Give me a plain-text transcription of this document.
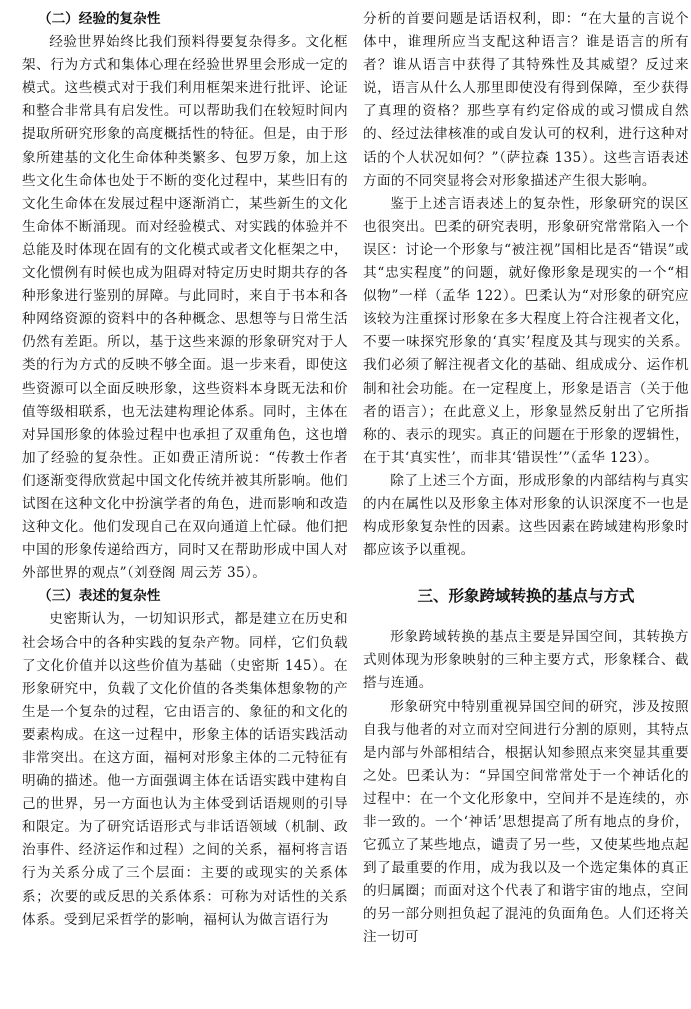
（二）经验的复杂性

经验世界始终比我们预料得要复杂得多。文化框架、行为方式和集体心理在经验世界里会形成一定的模式。这些模式对于我们利用框架来进行批评、论证和整合非常具有启发性。可以帮助我们在较短时间内提取所研究形象的高度概括性的特征。但是，由于形象所建基的文化生命体种类繁多、包罗万象，加上这些文化生命体也处于不断的变化过程中，某些旧有的文化生命体在发展过程中逐渐消亡，某些新生的文化生命体不断涌现。而对经验模式、对实践的体验并不总能及时体现在固有的文化模式或者文化框架之中，文化惯例有时候也成为阻碍对特定历史时期共存的各种形象进行鉴别的屏障。与此同时，来自于书本和各种网络资源的资料中的各种概念、思想等与日常生活仍然有差距。所以，基于这些来源的形象研究对于人类的行为方式的反映不够全面。退一步来看，即使这些资源可以全面反映形象，这些资料本身既无法和价值等级相联系，也无法建构理论体系。同时，主体在对异国形象的体验过程中也承担了双重角色，这也增加了经验的复杂性。正如费正清所说：“传教士作者们逐渐变得欣赏起中国文化传统并被其所影响。他们试图在这种文化中扮演学者的角色，进而影响和改造这种文化。他们发现自己在双向通道上忙碌。他们把中国的形象传递给西方，同时又在帮助形成中国人对外部世界的观点”（刘登阁 周云芳 35）。

（三）表述的复杂性

史密斯认为，一切知识形式，都是建立在历史和社会场合中的各种实践的复杂产物。同样，它们负载了文化价值并以这些价值为基础（史密斯 145）。在形象研究中，负载了文化价值的各类集体想象物的产生是一个复杂的过程，它由语言的、象征的和文化的要素构成。在这一过程中，形象主体的话语实践活动非常突出。在这方面，福柯对形象主体的二元特征有明确的描述。他一方面强调主体在话语实践中建构自己的世界，另一方面也认为主体受到话语规则的引导和限定。为了研究话语形式与非话语领域（机制、政治事件、经济运作和过程）之间的关系，福柯将言语行为关系分成了三个层面：主要的或现实的关系体系；次要的或反思的关系体系：可称为对话性的关系体系。受到尼采哲学的影响，福柯认为做言语行为

分析的首要问题是话语权利，即：“在大量的言说个体中，谁理所应当支配这种语言？谁是语言的所有者？谁从语言中获得了其特殊性及其威望？反过来说，语言从什么人那里即使没有得到保障，至少获得了真理的资格？那些享有约定俗成的或习惯成自然的、经过法律核准的或自发认可的权利，进行这种对话的个人状况如何？”（萨拉森 135）。这些言语表述方面的不同突显将会对形象描述产生很大影响。

鉴于上述言语表述上的复杂性，形象研究的误区也很突出。巴柔的研究表明，形象研究常常陷入一个误区：讨论一个形象与“被注视”国相比是否“错误”或其“忠实程度”的问题，就好像形象是现实的一个“相似物”一样（孟华 122）。巴柔认为“对形象的研究应该较为注重探讨形象在多大程度上符合注视者文化，不要一味探究形象的‘真实’程度及其与现实的关系。我们必须了解注视者文化的基础、组成成分、运作机制和社会功能。在一定程度上，形象是语言（关于他者的语言）；在此意义上，形象显然反射出了它所指称的、表示的现实。真正的问题在于形象的逻辑性，在于其‘真实性’，而非其‘错误性’”（孟华 123）。

除了上述三个方面，形成形象的内部结构与真实的内在属性以及形象主体对形象的认识深度不一也是构成形象复杂性的因素。这些因素在跨域建构形象时都应该予以重视。

三、形象跨域转换的基点与方式

形象跨域转换的基点主要是异国空间，其转换方式则体现为形象映射的三种主要方式，形象糅合、截搭与连通。

形象研究中特别重视异国空间的研究，涉及按照自我与他者的对立而对空间进行分割的原则，其特点是内部与外部相结合，根据认知参照点来突显其重要之处。巴柔认为：“异国空间常常处于一个神话化的过程中：在一个文化形象中，空间并不是连续的，亦非一致的。一个‘神话’思想提高了所有地点的身价，它孤立了某些地点，谴责了另一些，又使某些地点起到了最重要的作用，成为我以及一个选定集体的真正的归属圈；而面对这个代表了和谐宇宙的地点，空间的另一部分则担负起了混沌的负面角色。人们还将关注一切可
